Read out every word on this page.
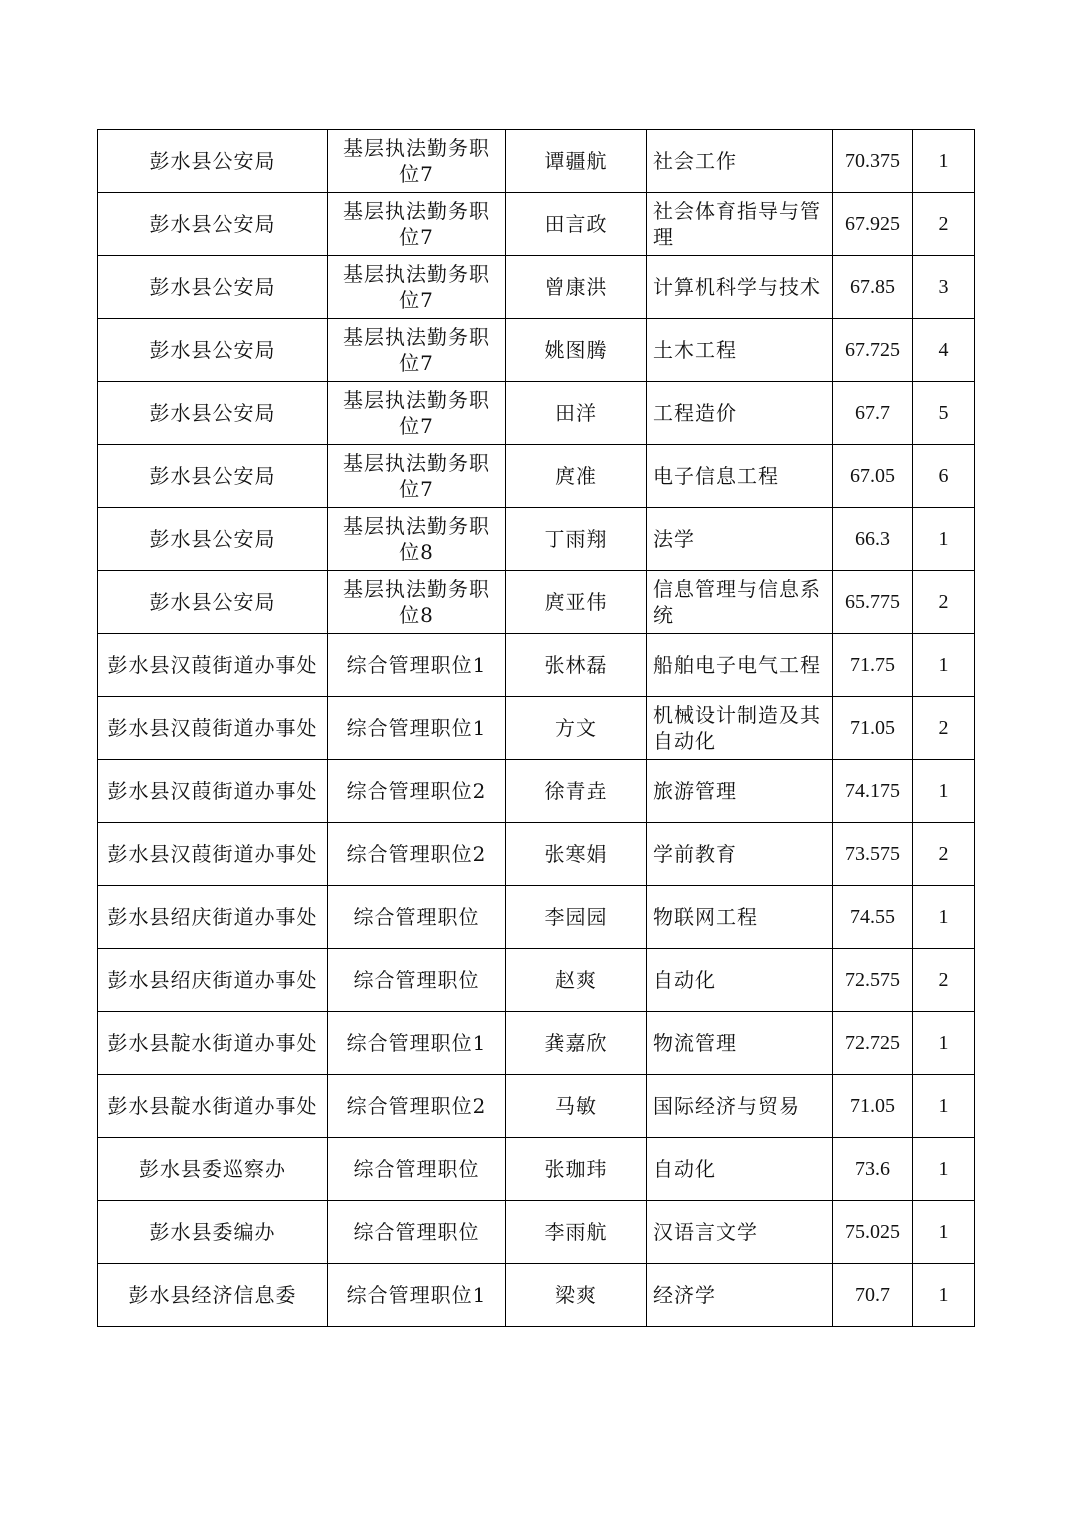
彭水县公安局	基层执法勤务职位7	谭疆航	社会工作	70.375	1
彭水县公安局	基层执法勤务职位7	田言政	社会体育指导与管理	67.925	2
彭水县公安局	基层执法勤务职位7	曾康洪	计算机科学与技术	67.85	3
彭水县公安局	基层执法勤务职位7	姚图腾	土木工程	67.725	4
彭水县公安局	基层执法勤务职位7	田洋	工程造价	67.7	5
彭水县公安局	基层执法勤务职位7	庹准	电子信息工程	67.05	6
彭水县公安局	基层执法勤务职位8	丁雨翔	法学	66.3	1
彭水县公安局	基层执法勤务职位8	庹亚伟	信息管理与信息系统	65.775	2
彭水县汉葭街道办事处	综合管理职位1	张林磊	船舶电子电气工程	71.75	1
彭水县汉葭街道办事处	综合管理职位1	方文	机械设计制造及其自动化	71.05	2
彭水县汉葭街道办事处	综合管理职位2	徐青垚	旅游管理	74.175	1
彭水县汉葭街道办事处	综合管理职位2	张寒娟	学前教育	73.575	2
彭水县绍庆街道办事处	综合管理职位	李园园	物联网工程	74.55	1
彭水县绍庆街道办事处	综合管理职位	赵爽	自动化	72.575	2
彭水县靛水街道办事处	综合管理职位1	龚嘉欣	物流管理	72.725	1
彭水县靛水街道办事处	综合管理职位2	马敏	国际经济与贸易	71.05	1
彭水县委巡察办	综合管理职位	张珈玮	自动化	73.6	1
彭水县委编办	综合管理职位	李雨航	汉语言文学	75.025	1
彭水县经济信息委	综合管理职位1	梁爽	经济学	70.7	1
